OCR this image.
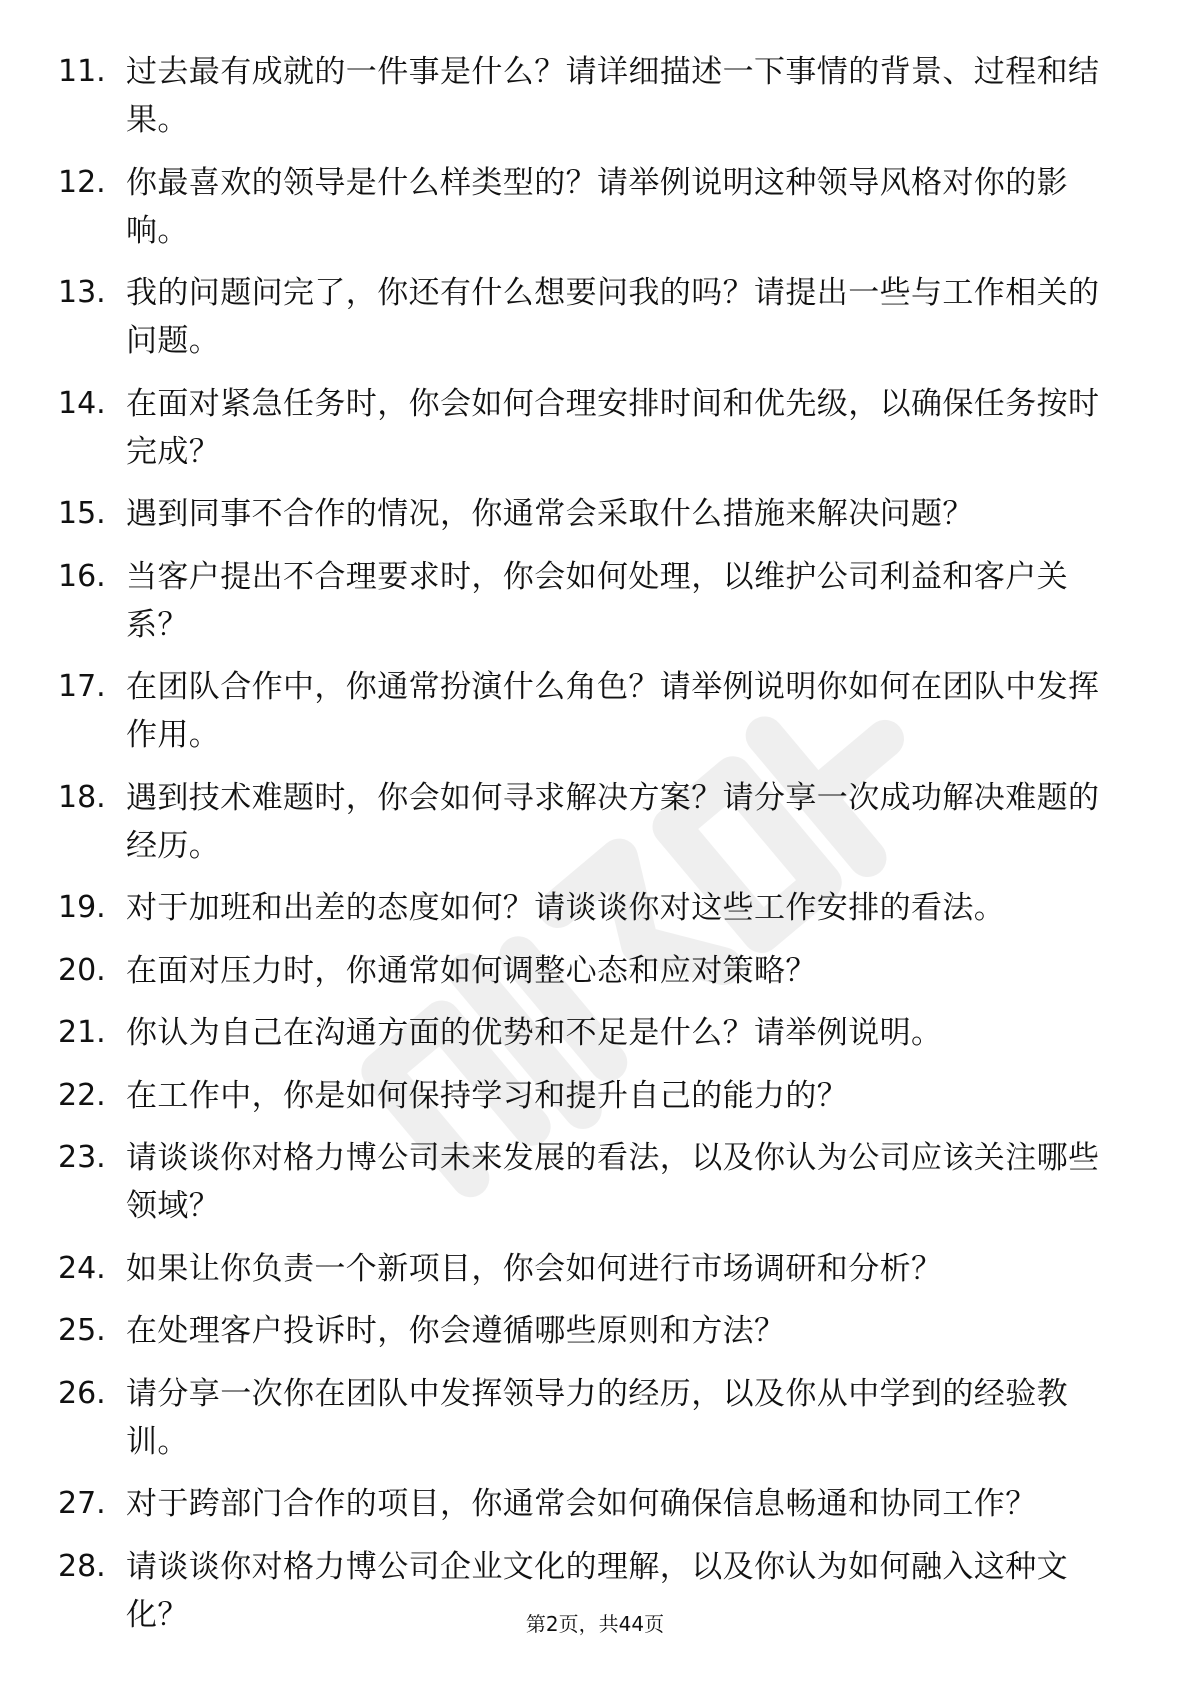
11. 过去最有成就的一件事是什么？请详细描述一下事情的背景、过程和结果。
12. 你最喜欢的领导是什么样类型的？请举例说明这种领导风格对你的影响。
13. 我的问题问完了，你还有什么想要问我的吗？请提出一些与工作相关的问题。
14. 在面对紧急任务时，你会如何合理安排时间和优先级，以确保任务按时完成？
15. 遇到同事不合作的情况，你通常会采取什么措施来解决问题？
16. 当客户提出不合理要求时，你会如何处理，以维护公司利益和客户关系？
17. 在团队合作中，你通常扮演什么角色？请举例说明你如何在团队中发挥作用。
18. 遇到技术难题时，你会如何寻求解决方案？请分享一次成功解决难题的经历。
19. 对于加班和出差的态度如何？请谈谈你对这些工作安排的看法。
20. 在面对压力时，你通常如何调整心态和应对策略？
21. 你认为自己在沟通方面的优势和不足是什么？请举例说明。
22. 在工作中，你是如何保持学习和提升自己的能力的？
23. 请谈谈你对格力博公司未来发展的看法，以及你认为公司应该关注哪些领域？
24. 如果让你负责一个新项目，你会如何进行市场调研和分析？
25. 在处理客户投诉时，你会遵循哪些原则和方法？
26. 请分享一次你在团队中发挥领导力的经历，以及你从中学到的经验教训。
27. 对于跨部门合作的项目，你通常会如何确保信息畅通和协同工作？
28. 请谈谈你对格力博公司企业文化的理解，以及你认为如何融入这种文化？	第2页，共44页
